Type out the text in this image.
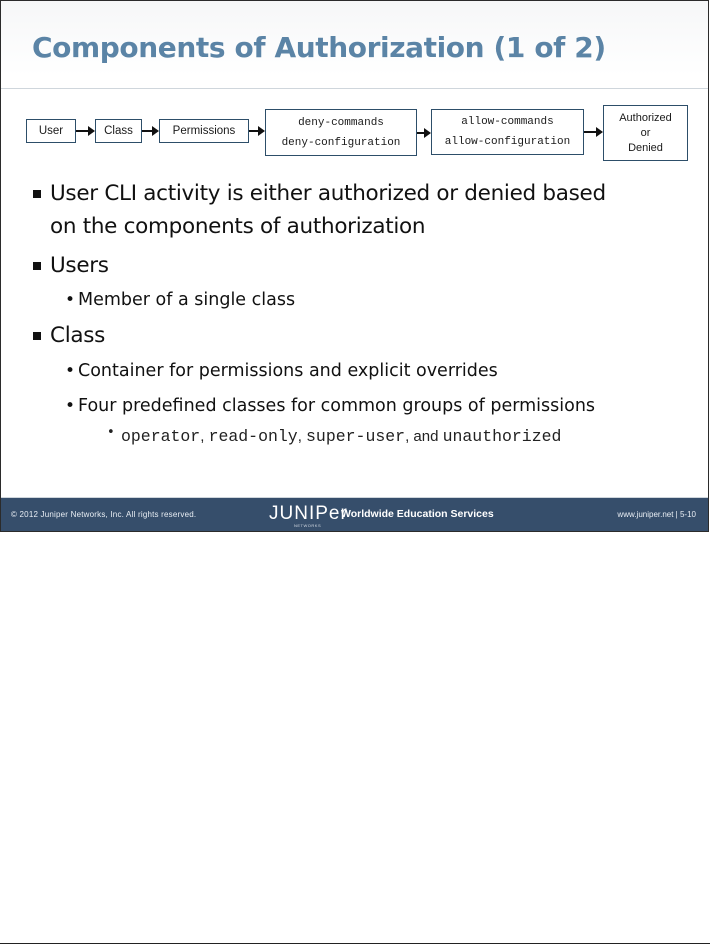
Components of Authorization (1 of 2)
User	Class	Permissions
deny-commands
deny-configuration
allow-commands
allow-configuration
Authorized
or
Denied
User CLI activity is either authorized or denied based
on the components of authorization
Users
• Member of a single class
Class
• Container for permissions and explicit overrides
• Four predefined classes for common groups of permissions
• operator, read-only, super-user, and unauthorized
© 2012 Juniper Networks, Inc. All rights reserved.	JUNIPer
NETWORKS
Worldwide Education Services	www.juniper.net | 5-10
